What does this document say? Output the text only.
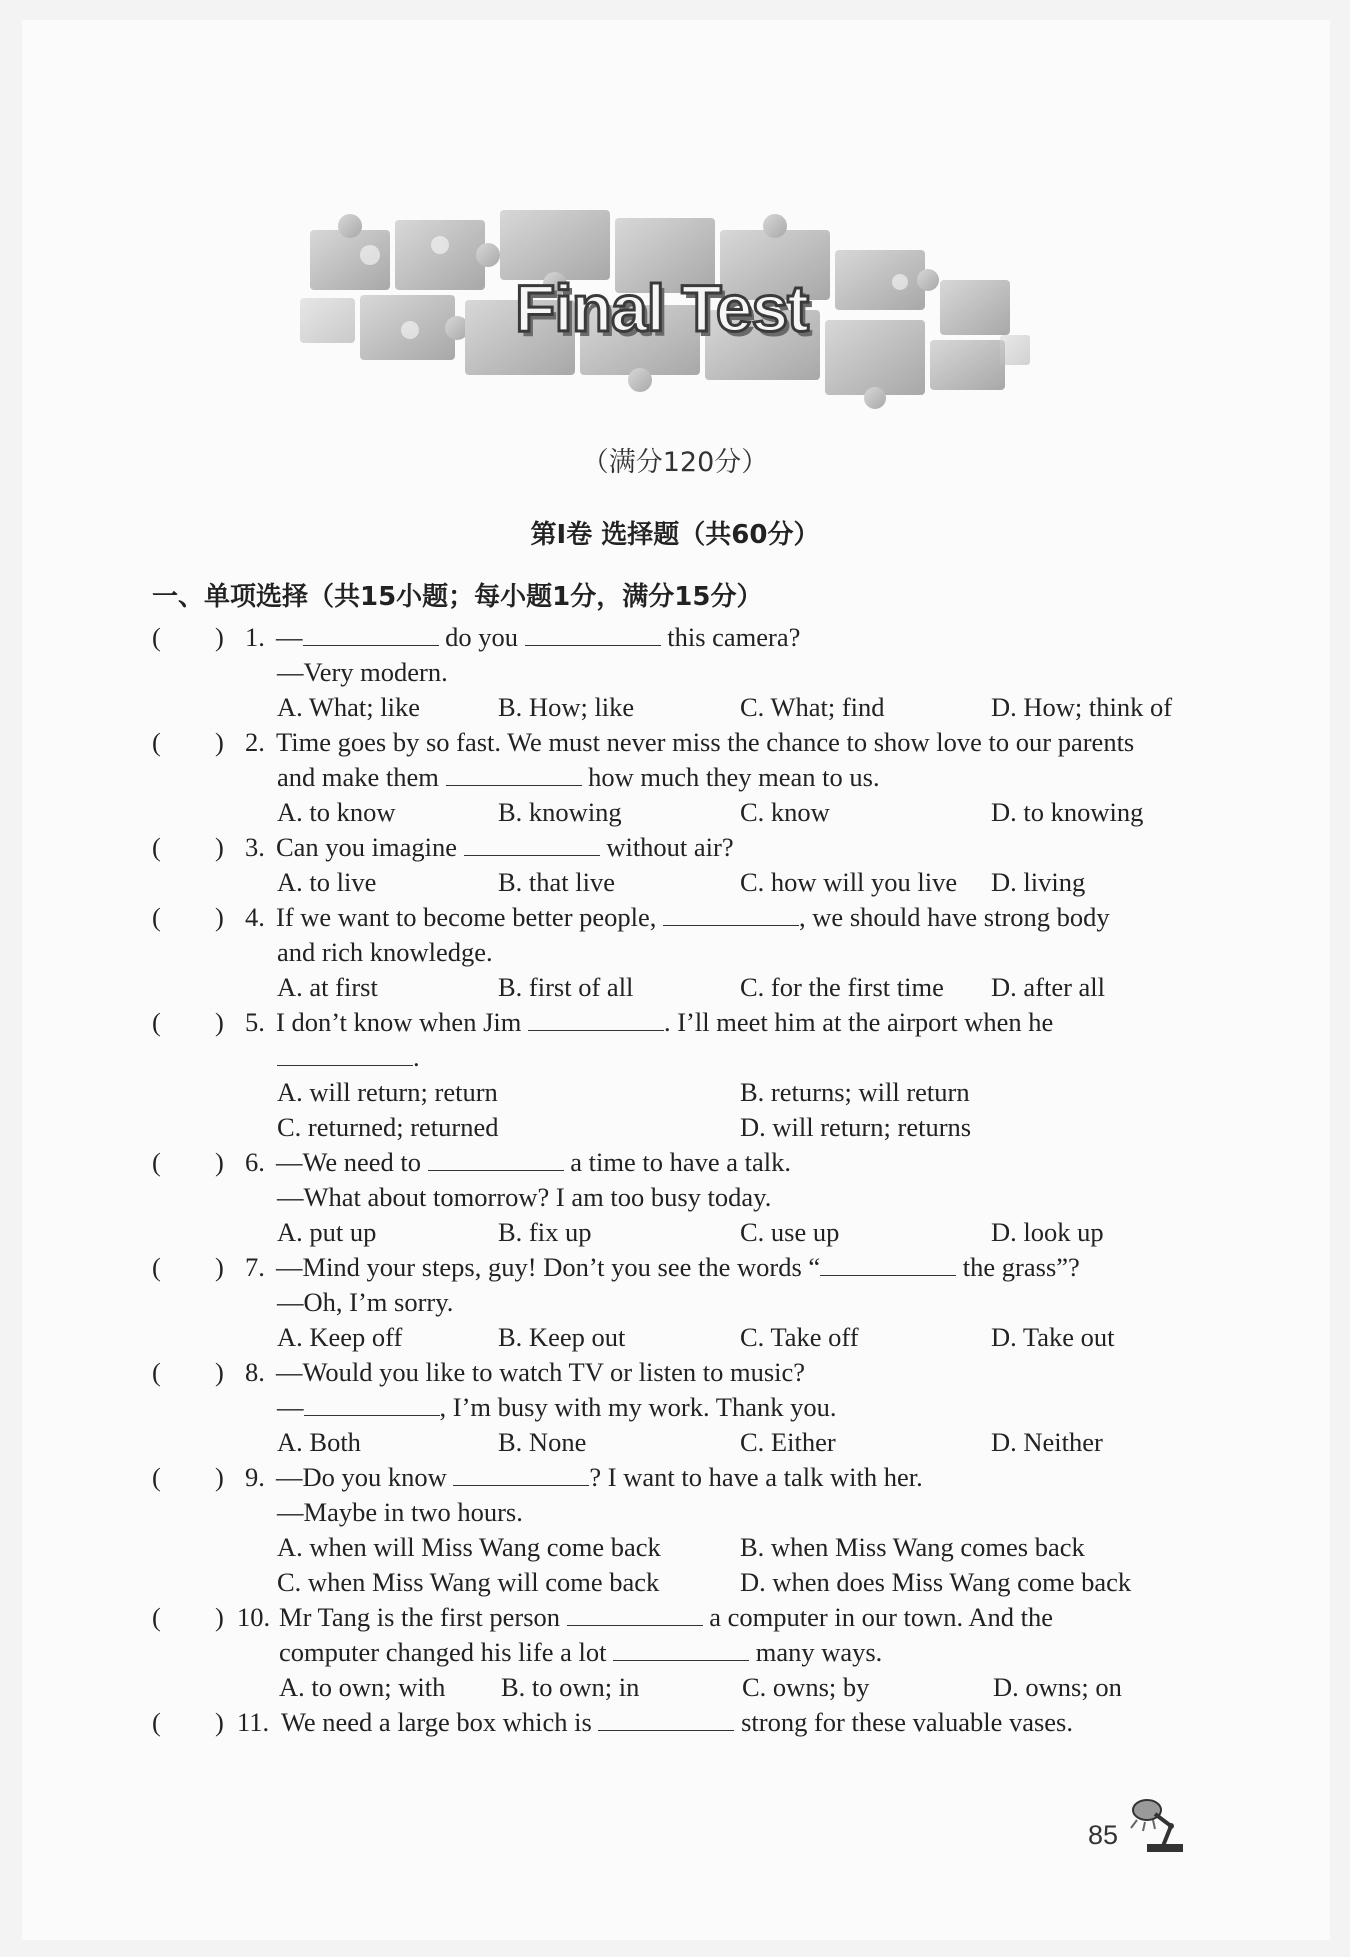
Final Test
（满分120分）
第Ⅰ卷 选择题（共60分）
一、单项选择（共15小题；每小题1分，满分15分）
( ) 1. —	do you	this camera?
—Very modern.
A. What; like	B. How; like	C. What; find	D. How; think of
( ) 2. Time goes by so fast. We must never miss the chance to show love to our parents
and make them	how much they mean to us.
A. to know	B. knowing	C. know	D. to knowing
( ) 3. Can you imagine	without air?
A. to live	B. that live	C. how will you live D. living
( ) 4. If we want to become better people,	, we should have strong body
and rich knowledge.
A. at first	B. first of all	C. for the first time D. after all
( ) 5. I don’t know when Jim	. I’ll meet him at the airport when he
.
A. will return; return	B. returns; will return
C. returned; returned	D. will return; returns
( ) 6. —We need to	a time to have a talk.
—What about tomorrow? I am too busy today.
A. put up	B. fix up	C. use up	D. look up
( ) 7. —Mind your steps, guy! Don’t you see the words “	the grass”?
—Oh, I’m sorry.
A. Keep off	B. Keep out	C. Take off	D. Take out
( ) 8. —Would you like to watch TV or listen to music?
—	, I’m busy with my work. Thank you.
A. Both	B. None	C. Either	D. Neither
( ) 9. —Do you know	? I want to have a talk with her.
—Maybe in two hours.
A. when will Miss Wang come back	B. when Miss Wang comes back
C. when Miss Wang will come back	D. when does Miss Wang come back
( ) 10. Mr Tang is the first person	a computer in our town. And the
computer changed his life a lot	many ways.
A. to own; with B. to own; in	C. owns; by	D. owns; on
( ) 11. We need a large box which is	strong for these valuable vases.
85
